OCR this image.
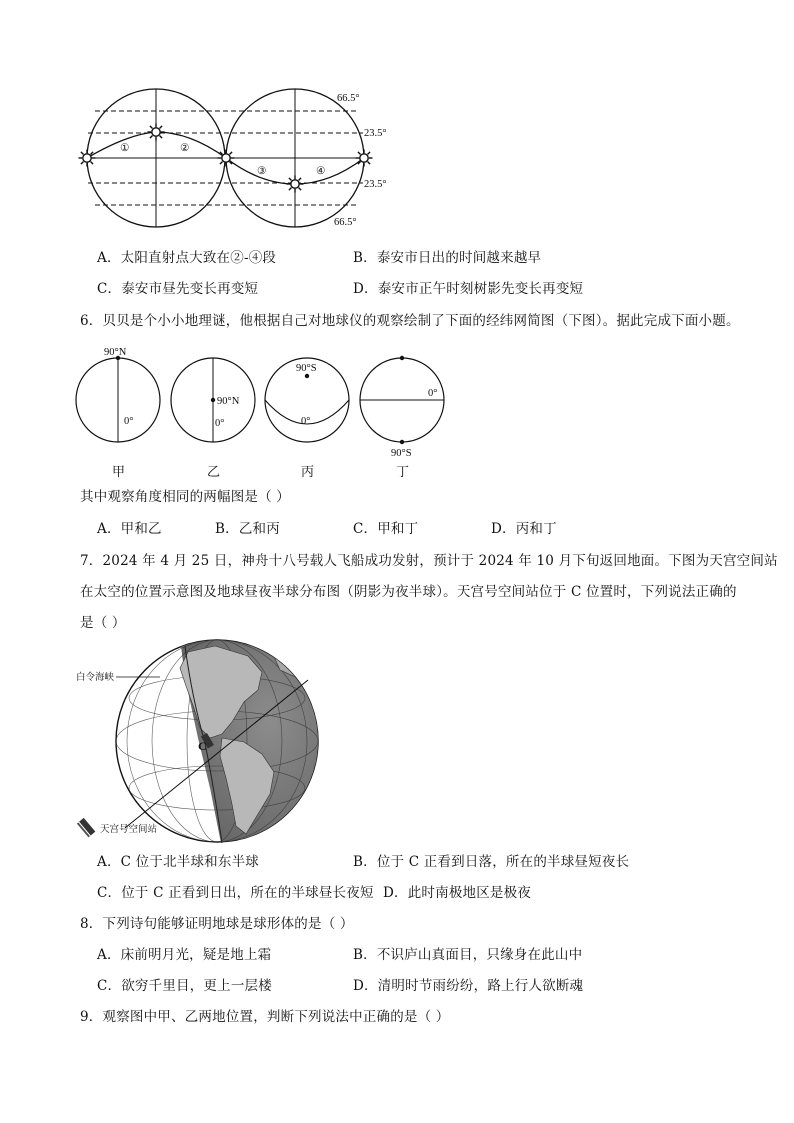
①	②
③	④
66.5°
23.5°
23.5°
66.5°
A．太阳直射点大致在②-④段	B．泰安市日出的时间越来越早
C．泰安市昼先变长再变短	D．泰安市正午时刻树影先变长再变短
6．贝贝是个小小地理谜，他根据自己对地球仪的观察绘制了下面的经纬网简图（下图）。据此完成下面小题。
90°N
0°
90°N
0°
90°S
0°
0°
90°S
甲	乙	丙	丁
其中观察角度相同的两幅图是（ ）
A．甲和乙	B．乙和丙	C．甲和丁	D．丙和丁
7．2024 年 4 月 25 日，神舟十八号载人飞船成功发射，预计于 2024 年 10 月下旬返回地面。下图为天宫空间站
在太空的位置示意图及地球昼夜半球分布图（阴影为夜半球）。天宫号空间站位于 C 位置时，下列说法正确的
是（ ）
C
白令海峡
天宫号空间站
A．C 位于北半球和东半球	B．位于 C 正看到日落，所在的半球昼短夜长
C．位于 C 正看到日出，所在的半球昼长夜短 D．此时南极地区是极夜
8．下列诗句能够证明地球是球形体的是（ ）
A．床前明月光，疑是地上霜	B．不识庐山真面目，只缘身在此山中
C．欲穷千里目，更上一层楼	D．清明时节雨纷纷，路上行人欲断魂
9．观察图中甲、乙两地位置，判断下列说法中正确的是（ ）
